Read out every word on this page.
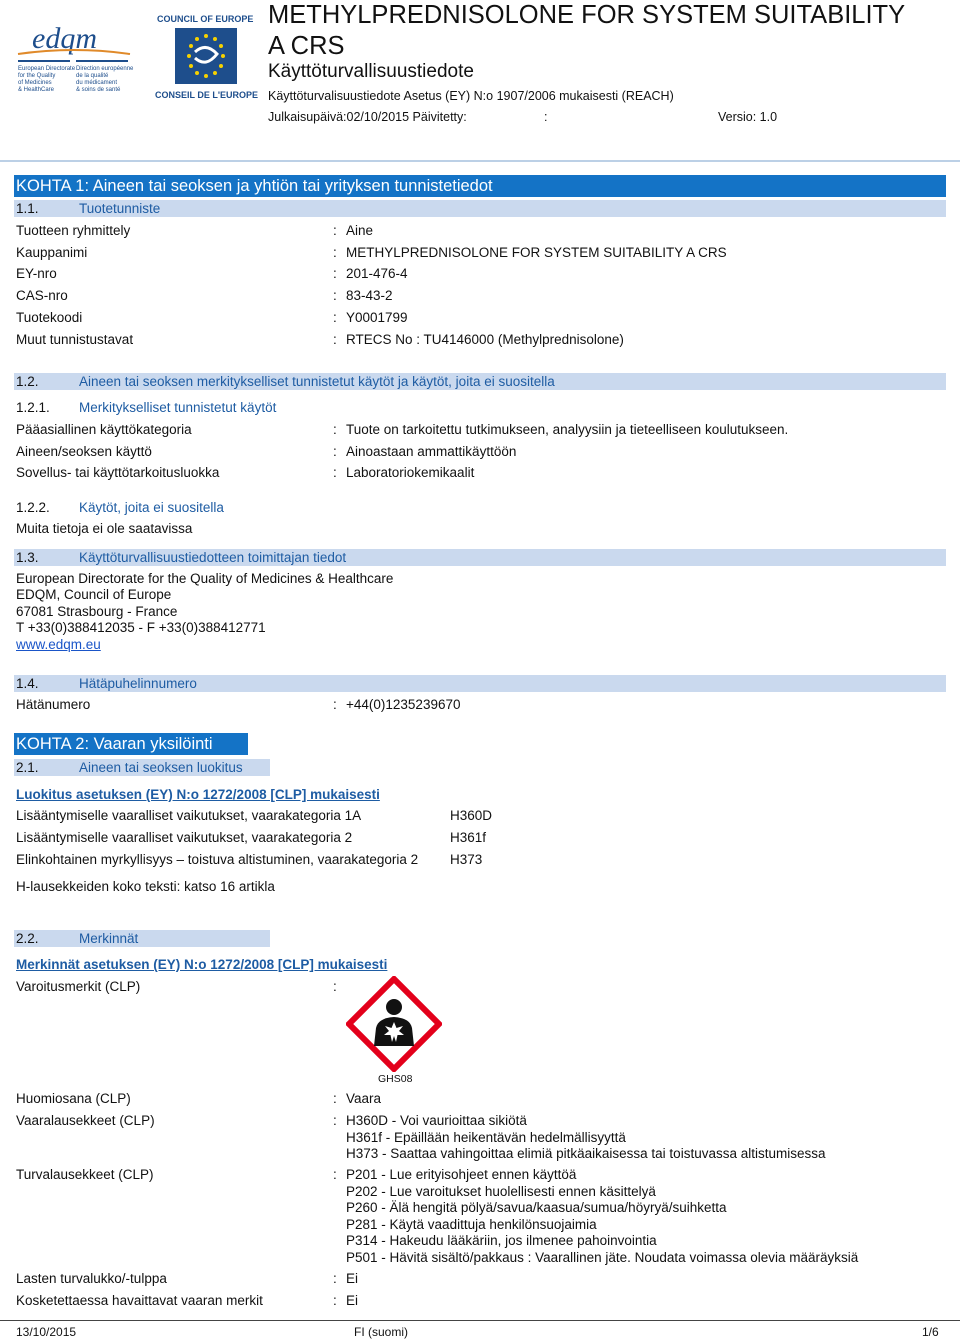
edqm
European Directorate
for the Quality
of Medicines
& HealthCare
Direction européenne
de la qualité
du médicament
& soins de santé
COUNCIL OF EUROPE
CONSEIL DE L'EUROPE
METHYLPREDNISOLONE FOR SYSTEM SUITABILITY A CRS
Käyttöturvallisuustiedote
Käyttöturvalisuustiedote Asetus (EY) N:o 1907/2006 mukaisesti (REACH)
Julkaisupäivä:02/10/2015 Päivitetty:	:	Versio: 1.0
KOHTA 1: Aineen tai seoksen ja yhtiön tai yrityksen tunnistetiedot
1.1.	Tuotetunniste
Tuotteen ryhmittely	: Aine
Kauppanimi	: METHYLPREDNISOLONE FOR SYSTEM SUITABILITY A CRS
EY-nro	: 201-476-4
CAS-nro	: 83-43-2
Tuotekoodi	: Y0001799
Muut tunnistustavat	: RTECS No : TU4146000 (Methylprednisolone)
1.2.	Aineen tai seoksen merkitykselliset tunnistetut käytöt ja käytöt, joita ei suositella
1.2.1. Merkitykselliset tunnistetut käytöt
Pääasiallinen käyttökategoria	: Tuote on tarkoitettu tutkimukseen, analyysiin ja tieteelliseen koulutukseen.
Aineen/seoksen käyttö	: Ainoastaan ammattikäyttöön
Sovellus- tai käyttötarkoitusluokka	: Laboratoriokemikaalit
1.2.2. Käytöt, joita ei suositella
Muita tietoja ei ole saatavissa
1.3.	Käyttöturvallisuustiedotteen toimittajan tiedot
European Directorate for the Quality of Medicines & Healthcare
EDQM, Council of Europe
67081 Strasbourg - France
T +33(0)388412035 - F +33(0)388412771
www.edqm.eu
1.4.	Hätäpuhelinnumero
Hätänumero	: +44(0)1235239670
KOHTA 2: Vaaran yksilöinti
2.1.	Aineen tai seoksen luokitus
Luokitus asetuksen (EY) N:o 1272/2008 [CLP] mukaisesti
Lisääntymiselle vaaralliset vaikutukset, vaarakategoria 1A	H360D
Lisääntymiselle vaaralliset vaikutukset, vaarakategoria 2	H361f
Elinkohtainen myrkyllisyys – toistuva altistuminen, vaarakategoria 2 H373
H-lausekkeiden koko teksti: katso 16 artikla
2.2.	Merkinnät
Merkinnät asetuksen (EY) N:o 1272/2008 [CLP] mukaisesti
Varoitusmerkit (CLP)	:
GHS08
Huomiosana (CLP)	: Vaara
Vaaralausekkeet (CLP)	: H360D - Voi vaurioittaa sikiötä
H361f - Epäillään heikentävän hedelmällisyyttä
H373 - Saattaa vahingoittaa elimiä pitkäaikaisessa tai toistuvassa altistumisessa
Turvalausekkeet (CLP)	: P201 - Lue erityisohjeet ennen käyttöä
P202 - Lue varoitukset huolellisesti ennen käsittelyä
P260 - Älä hengitä pölyä/savua/kaasua/sumua/höyryä/suihketta
P281 - Käytä vaadittuja henkilönsuojaimia
P314 - Hakeudu lääkäriin, jos ilmenee pahoinvointia
P501 - Hävitä sisältö/pakkaus : Vaarallinen jäte. Noudata voimassa olevia määräyksiä
Lasten turvalukko/-tulppa	: Ei
Kosketettaessa havaittavat vaaran merkit	: Ei
13/10/2015	FI (suomi)	1/6
